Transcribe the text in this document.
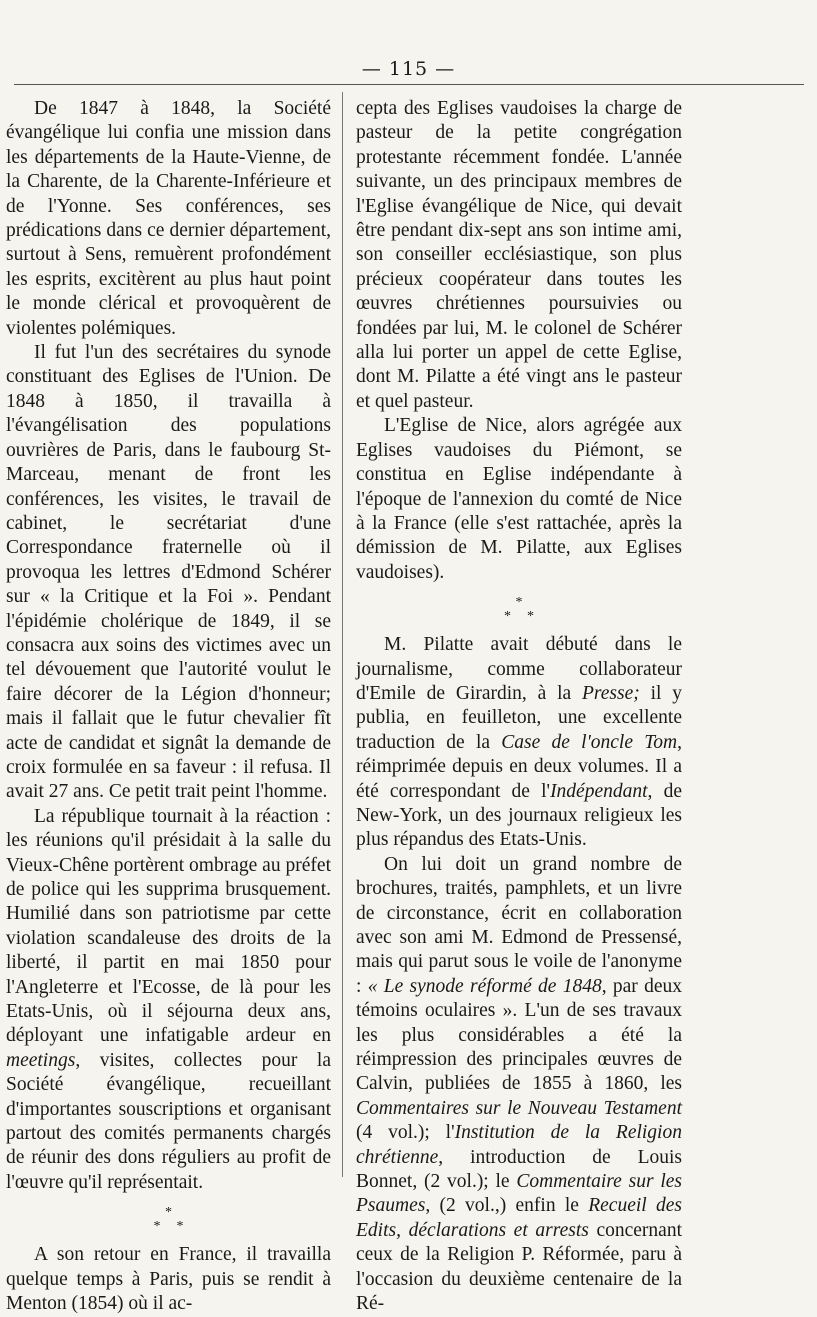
— 115 —

De 1847 à 1848, la Société évangélique lui confia une mission dans les départements de la Haute-Vienne, de la Charente, de la Charente-Inférieure et de l'Yonne. Ses conférences, ses prédications dans ce dernier département, surtout à Sens, remuèrent profondément les esprits, excitèrent au plus haut point le monde clérical et provoquèrent de violentes polémiques.

Il fut l'un des secrétaires du synode constituant des Eglises de l'Union. De 1848 à 1850, il travailla à l'évangélisation des populations ouvrières de Paris, dans le faubourg St-Marceau, menant de front les conférences, les visites, le travail de cabinet, le secrétariat d'une Correspondance fraternelle où il provoqua les lettres d'Edmond Schérer sur « la Critique et la Foi ». Pendant l'épidémie cholérique de 1849, il se consacra aux soins des victimes avec un tel dévouement que l'autorité voulut le faire décorer de la Légion d'honneur; mais il fallait que le futur chevalier fît acte de candidat et signât la demande de croix formulée en sa faveur : il refusa. Il avait 27 ans. Ce petit trait peint l'homme.

La république tournait à la réaction : les réunions qu'il présidait à la salle du Vieux-Chêne portèrent ombrage au préfet de police qui les supprima brusquement. Humilié dans son patriotisme par cette violation scandaleuse des droits de la liberté, il partit en mai 1850 pour l'Angleterre et l'Ecosse, de là pour les Etats-Unis, où il séjourna deux ans, déployant une infatigable ardeur en meetings, visites, collectes pour la Société évangélique, recueillant d'importantes souscriptions et organisant partout des comités permanents chargés de réunir des dons réguliers au profit de l'œuvre qu'il représentait.

*
**

A son retour en France, il travailla quelque temps à Paris, puis se rendit à Menton (1854) où il ac-

cepta des Eglises vaudoises la charge de pasteur de la petite congrégation protestante récemment fondée. L'année suivante, un des principaux membres de l'Eglise évangélique de Nice, qui devait être pendant dix-sept ans son intime ami, son conseiller ecclésiastique, son plus précieux coopérateur dans toutes les œuvres chrétiennes poursuivies ou fondées par lui, M. le colonel de Schérer alla lui porter un appel de cette Eglise, dont M. Pilatte a été vingt ans le pasteur et quel pasteur.

L'Eglise de Nice, alors agrégée aux Eglises vaudoises du Piémont, se constitua en Eglise indépendante à l'époque de l'annexion du comté de Nice à la France (elle s'est rattachée, après la démission de M. Pilatte, aux Eglises vaudoises).

*
**

M. Pilatte avait débuté dans le journalisme, comme collaborateur d'Emile de Girardin, à la Presse; il y publia, en feuilleton, une excellente traduction de la Case de l'oncle Tom, réimprimée depuis en deux volumes. Il a été correspondant de l'Indépendant, de New-York, un des journaux religieux les plus répandus des Etats-Unis.

On lui doit un grand nombre de brochures, traités, pamphlets, et un livre de circonstance, écrit en collaboration avec son ami M. Edmond de Pressensé, mais qui parut sous le voile de l'anonyme : « Le synode réformé de 1848, par deux témoins oculaires ». L'un de ses travaux les plus considérables a été la réimpression des principales œuvres de Calvin, publiées de 1855 à 1860, les Commentaires sur le Nouveau Testament (4 vol.); l'Institution de la Religion chrétienne, introduction de Louis Bonnet, (2 vol.); le Commentaire sur les Psaumes, (2 vol.,) enfin le Recueil des Edits, déclarations et arrests concernant ceux de la Religion P. Réformée, paru à l'occasion du deuxième centenaire de la Ré-
